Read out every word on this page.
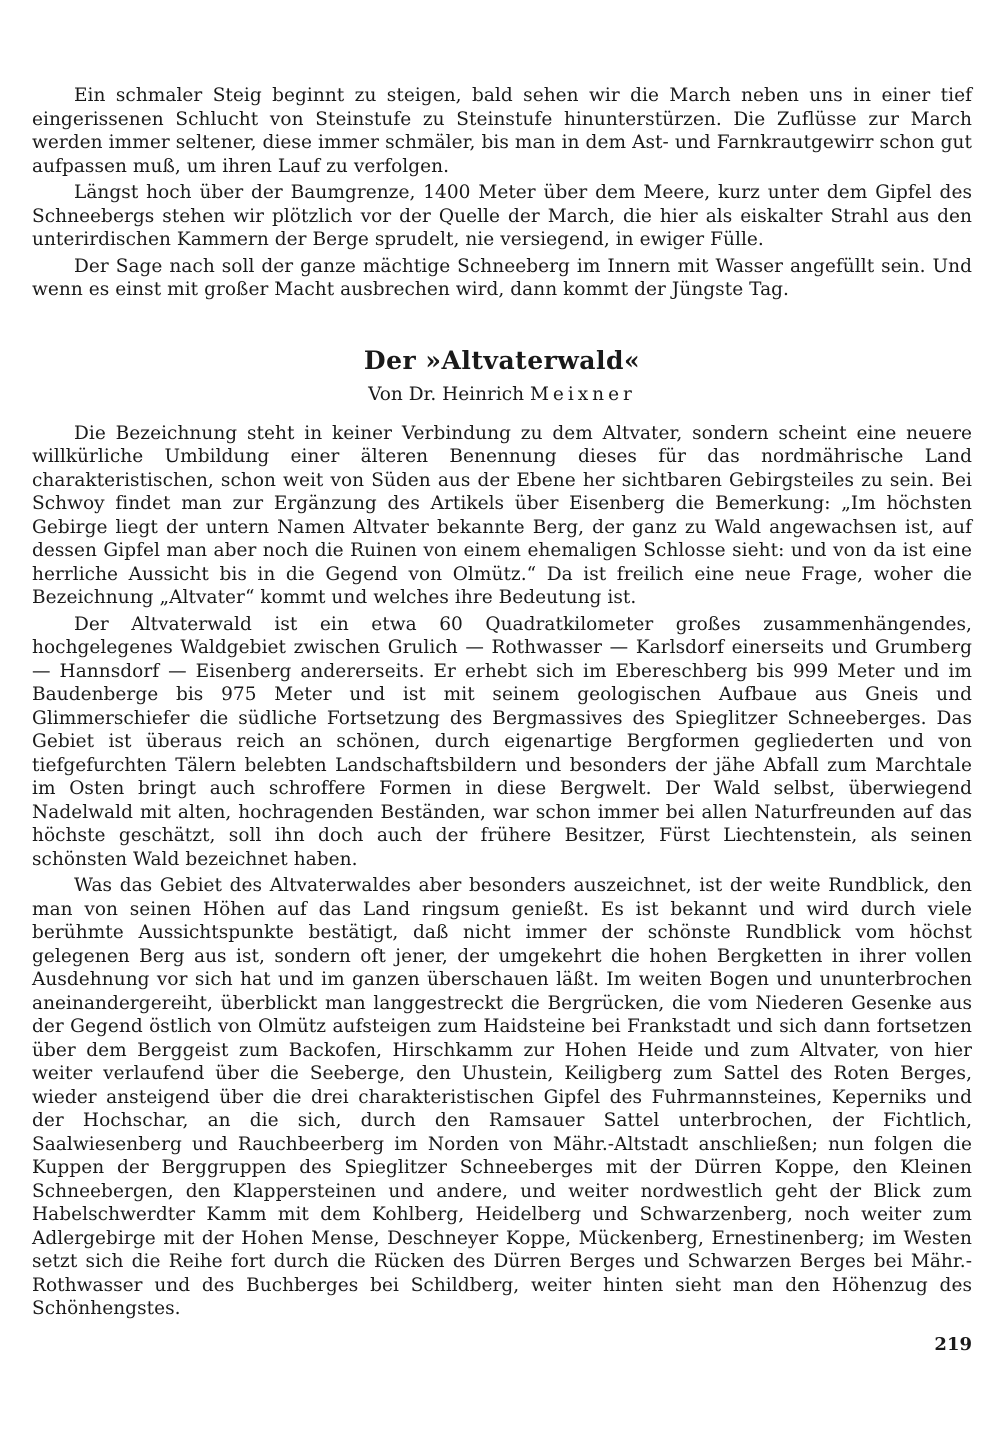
Ein schmaler Steig beginnt zu steigen, bald sehen wir die March neben uns in einer tief eingerissenen Schlucht von Steinstufe zu Steinstufe hinunterstürzen. Die Zuflüsse zur March werden immer seltener, diese immer schmäler, bis man in dem Ast- und Farnkrautgewirr schon gut aufpassen muß, um ihren Lauf zu verfolgen.

Längst hoch über der Baumgrenze, 1400 Meter über dem Meere, kurz unter dem Gipfel des Schneebergs stehen wir plötzlich vor der Quelle der March, die hier als eiskalter Strahl aus den unterirdischen Kammern der Berge sprudelt, nie versiegend, in ewiger Fülle.

Der Sage nach soll der ganze mächtige Schneeberg im Innern mit Wasser angefüllt sein. Und wenn es einst mit großer Macht ausbrechen wird, dann kommt der Jüngste Tag.

Der »Altvaterwald«
Von Dr. Heinrich Meixner

Die Bezeichnung steht in keiner Verbindung zu dem Altvater, sondern scheint eine neuere willkürliche Umbildung einer älteren Benennung dieses für das nordmährische Land charakteristischen, schon weit von Süden aus der Ebene her sichtbaren Gebirgsteiles zu sein. Bei Schwoy findet man zur Ergänzung des Artikels über Eisenberg die Bemerkung: „Im höchsten Gebirge liegt der untern Namen Altvater bekannte Berg, der ganz zu Wald angewachsen ist, auf dessen Gipfel man aber noch die Ruinen von einem ehemaligen Schlosse sieht: und von da ist eine herrliche Aussicht bis in die Gegend von Olmütz.“ Da ist freilich eine neue Frage, woher die Bezeichnung „Altvater“ kommt und welches ihre Bedeutung ist.

Der Altvaterwald ist ein etwa 60 Quadratkilometer großes zusammenhängendes, hochgelegenes Waldgebiet zwischen Grulich — Rothwasser — Karlsdorf einerseits und Grumberg — Hannsdorf — Eisenberg andererseits. Er erhebt sich im Ebereschberg bis 999 Meter und im Baudenberge bis 975 Meter und ist mit seinem geologischen Aufbaue aus Gneis und Glimmerschiefer die südliche Fortsetzung des Bergmassives des Spieglitzer Schneeberges. Das Gebiet ist überaus reich an schönen, durch eigenartige Bergformen gegliederten und von tiefgefurchten Tälern belebten Landschaftsbildern und besonders der jähe Abfall zum Marchtale im Osten bringt auch schroffere Formen in diese Bergwelt. Der Wald selbst, überwiegend Nadelwald mit alten, hochragenden Beständen, war schon immer bei allen Naturfreunden auf das höchste geschätzt, soll ihn doch auch der frühere Besitzer, Fürst Liechtenstein, als seinen schönsten Wald bezeichnet haben.

Was das Gebiet des Altvaterwaldes aber besonders auszeichnet, ist der weite Rundblick, den man von seinen Höhen auf das Land ringsum genießt. Es ist bekannt und wird durch viele berühmte Aussichtspunkte bestätigt, daß nicht immer der schönste Rundblick vom höchst gelegenen Berg aus ist, sondern oft jener, der umgekehrt die hohen Bergketten in ihrer vollen Ausdehnung vor sich hat und im ganzen überschauen läßt. Im weiten Bogen und ununterbrochen aneinandergereiht, überblickt man langgestreckt die Bergrücken, die vom Niederen Gesenke aus der Gegend östlich von Olmütz aufsteigen zum Haidsteine bei Frankstadt und sich dann fortsetzen über dem Berggeist zum Backofen, Hirschkamm zur Hohen Heide und zum Altvater, von hier weiter verlaufend über die Seeberge, den Uhustein, Keiligberg zum Sattel des Roten Berges, wieder ansteigend über die drei charakteristischen Gipfel des Fuhrmannsteines, Keperniks und der Hochschar, an die sich, durch den Ramsauer Sattel unterbrochen, der Fichtlich, Saalwiesenberg und Rauchbeerberg im Norden von Mähr.-Altstadt anschließen; nun folgen die Kuppen der Berggruppen des Spieglitzer Schneeberges mit der Dürren Koppe, den Kleinen Schneebergen, den Klappersteinen und andere, und weiter nordwestlich geht der Blick zum Habelschwerdter Kamm mit dem Kohlberg, Heidelberg und Schwarzenberg, noch weiter zum Adlergebirge mit der Hohen Mense, Deschneyer Koppe, Mückenberg, Ernestinenberg; im Westen setzt sich die Reihe fort durch die Rücken des Dürren Berges und Schwarzen Berges bei Mähr.-Rothwasser und des Buchberges bei Schildberg, weiter hinten sieht man den Höhenzug des Schönhengstes.

219
